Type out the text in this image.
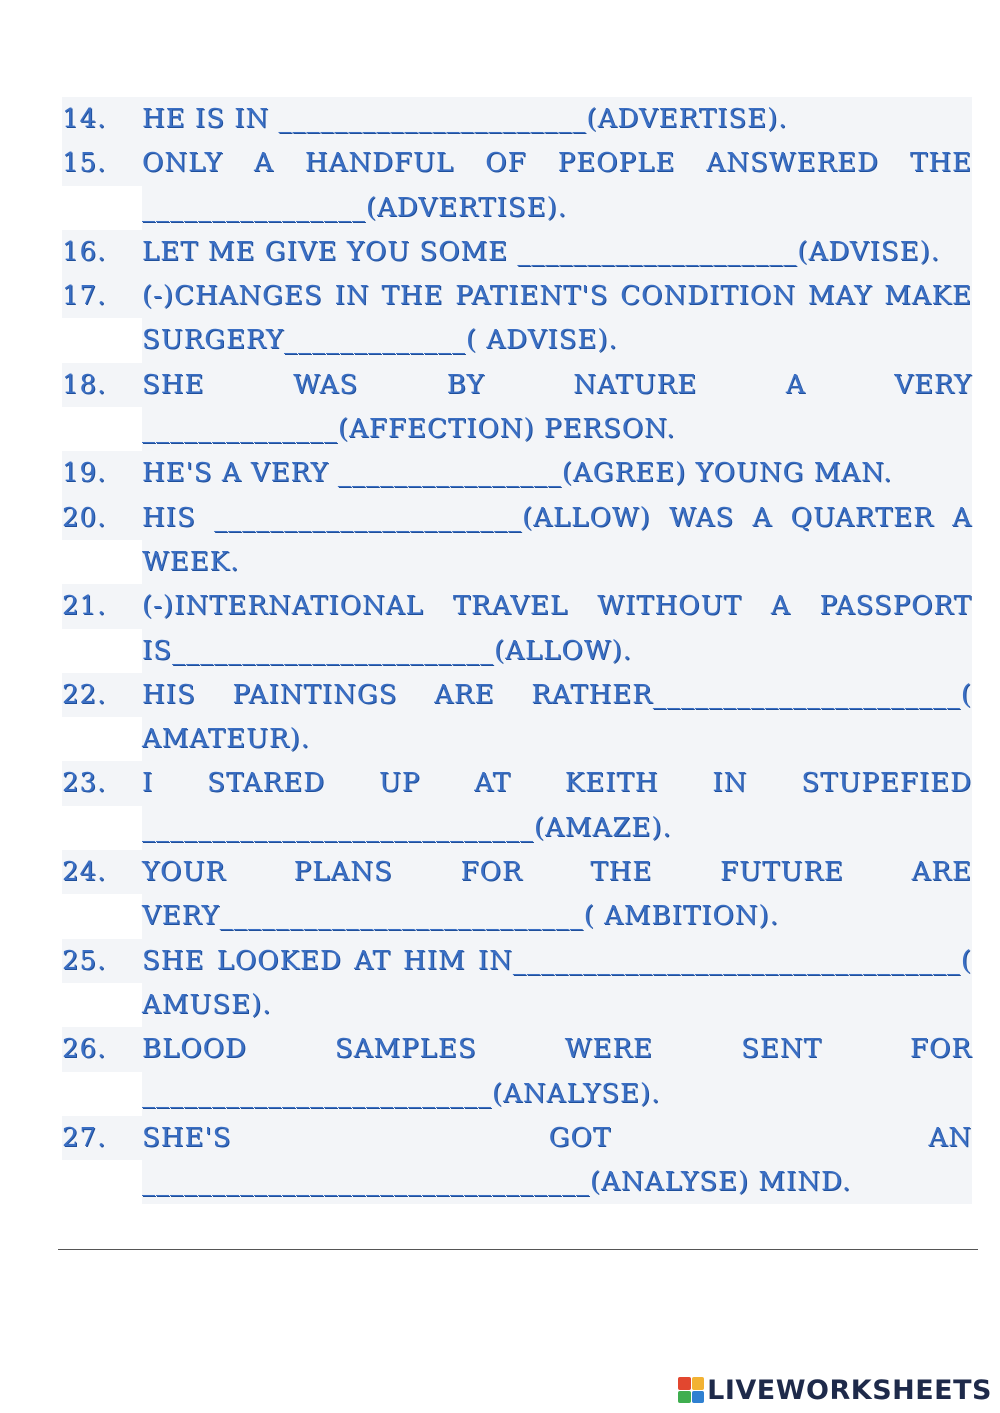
14.	HE IS IN ______________________(ADVERTISE).
15.	ONLY A HANDFUL OF PEOPLE ANSWERED THE ________________(ADVERTISE).
16.	LET ME GIVE YOU SOME ____________________(ADVISE).
17.	(-)CHANGES IN THE PATIENT'S CONDITION MAY MAKE SURGERY_____________( ADVISE).
18.	SHE WAS BY NATURE A VERY ______________(AFFECTION) PERSON.
19.	HE'S A VERY ________________(AGREE) YOUNG MAN.
20.	HIS ______________________(ALLOW) WAS A QUARTER A WEEK.
21.	(-)INTERNATIONAL TRAVEL WITHOUT A PASSPORT IS_______________________(ALLOW).
22.	HIS PAINTINGS ARE RATHER______________________( AMATEUR).
23.	I STARED UP AT KEITH IN STUPEFIED ____________________________(AMAZE).
24.	YOUR PLANS FOR THE FUTURE ARE VERY__________________________( AMBITION).
25.	SHE LOOKED AT HIM IN________________________________( AMUSE).
26.	BLOOD SAMPLES WERE SENT FOR _________________________(ANALYSE).
27.	SHE'S GOT AN ________________________________(ANALYSE) MIND.
LIVEWORKSHEETS
